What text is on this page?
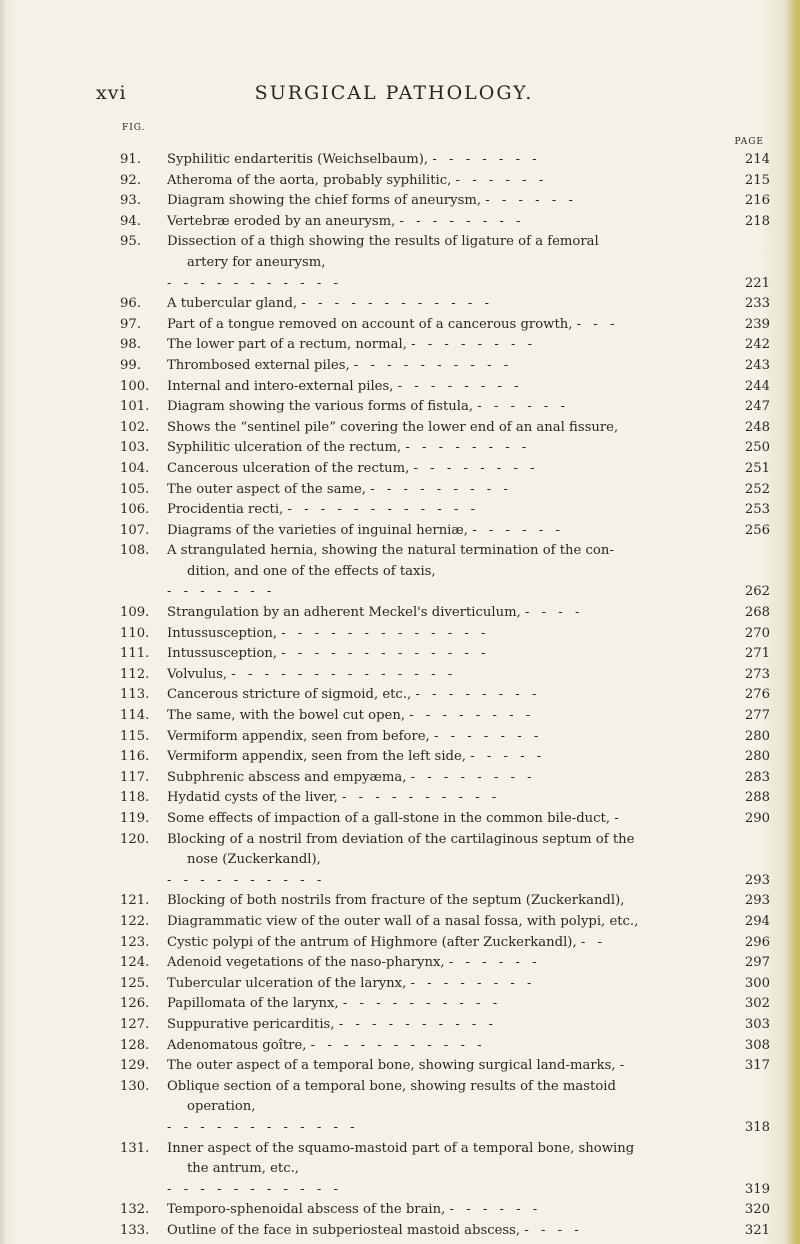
xvi	SURGICAL PATHOLOGY.
FIG.
PAGE
91.	Syphilitic endarteritis (Weichselbaum), - - - - - - -	214
92.	Atheroma of the aorta, probably syphilitic, - - - - - -	215
93.	Diagram showing the chief forms of aneurysm, - - - - - -	216
94.	Vertebræ eroded by an aneurysm, - - - - - - - -	218
95.	Dissection of a thigh showing the results of ligature of a femoral
artery for aneurysm,
- - - - - - - - - - -	221
96.	A tubercular gland, - - - - - - - - - - - -	233
97.	Part of a tongue removed on account of a cancerous growth, - - -	239
98.	The lower part of a rectum, normal, - - - - - - - -	242
99.	Thrombosed external piles, - - - - - - - - - -	243
100.	Internal and intero-external piles, - - - - - - - -	244
101.	Diagram showing the various forms of fistula, - - - - - -	247
102.	Shows the “sentinel pile” covering the lower end of an anal fissure,	248
103.	Syphilitic ulceration of the rectum, - - - - - - - -	250
104.	Cancerous ulceration of the rectum, - - - - - - - -	251
105.	The outer aspect of the same, - - - - - - - - -	252
106.	Procidentia recti, - - - - - - - - - - - -	253
107.	Diagrams of the varieties of inguinal herniæ, - - - - - -	256
108.	A strangulated hernia, showing the natural termination of the con-
dition, and one of the effects of taxis,
- - - - - - -	262
109.	Strangulation by an adherent Meckel's diverticulum, - - - -	268
110.	Intussusception, - - - - - - - - - - - - -	270
111.	Intussusception, - - - - - - - - - - - - -	271
112.	Volvulus, - - - - - - - - - - - - - -	273
113.	Cancerous stricture of sigmoid, etc., - - - - - - - -	276
114.	The same, with the bowel cut open, - - - - - - - -	277
115.	Vermiform appendix, seen from before, - - - - - - -	280
116.	Vermiform appendix, seen from the left side, - - - - -	280
117.	Subphrenic abscess and empyæma, - - - - - - - -	283
118.	Hydatid cysts of the liver, - - - - - - - - - -	288
119.	Some effects of impaction of a gall-stone in the common bile-duct, -	290
120.	Blocking of a nostril from deviation of the cartilaginous septum of the
nose (Zuckerkandl),
- - - - - - - - - -	293
121.	Blocking of both nostrils from fracture of the septum (Zuckerkandl),	293
122.	Diagrammatic view of the outer wall of a nasal fossa, with polypi, etc.,	294
123.	Cystic polypi of the antrum of Highmore (after Zuckerkandl), - -	296
124.	Adenoid vegetations of the naso-pharynx, - - - - - -	297
125.	Tubercular ulceration of the larynx, - - - - - - - -	300
126.	Papillomata of the larynx, - - - - - - - - - -	302
127.	Suppurative pericarditis, - - - - - - - - - -	303
128.	Adenomatous goître, - - - - - - - - - - -	308
129.	The outer aspect of a temporal bone, showing surgical land-marks, -	317
130.	Oblique section of a temporal bone, showing results of the mastoid
operation,
- - - - - - - - - - - -	318
131.	Inner aspect of the squamo-mastoid part of a temporal bone, showing
the antrum, etc.,
- - - - - - - - - - -	319
132.	Temporo-sphenoidal abscess of the brain, - - - - - -	320
133.	Outline of the face in subperiosteal mastoid abscess, - - - -	321
